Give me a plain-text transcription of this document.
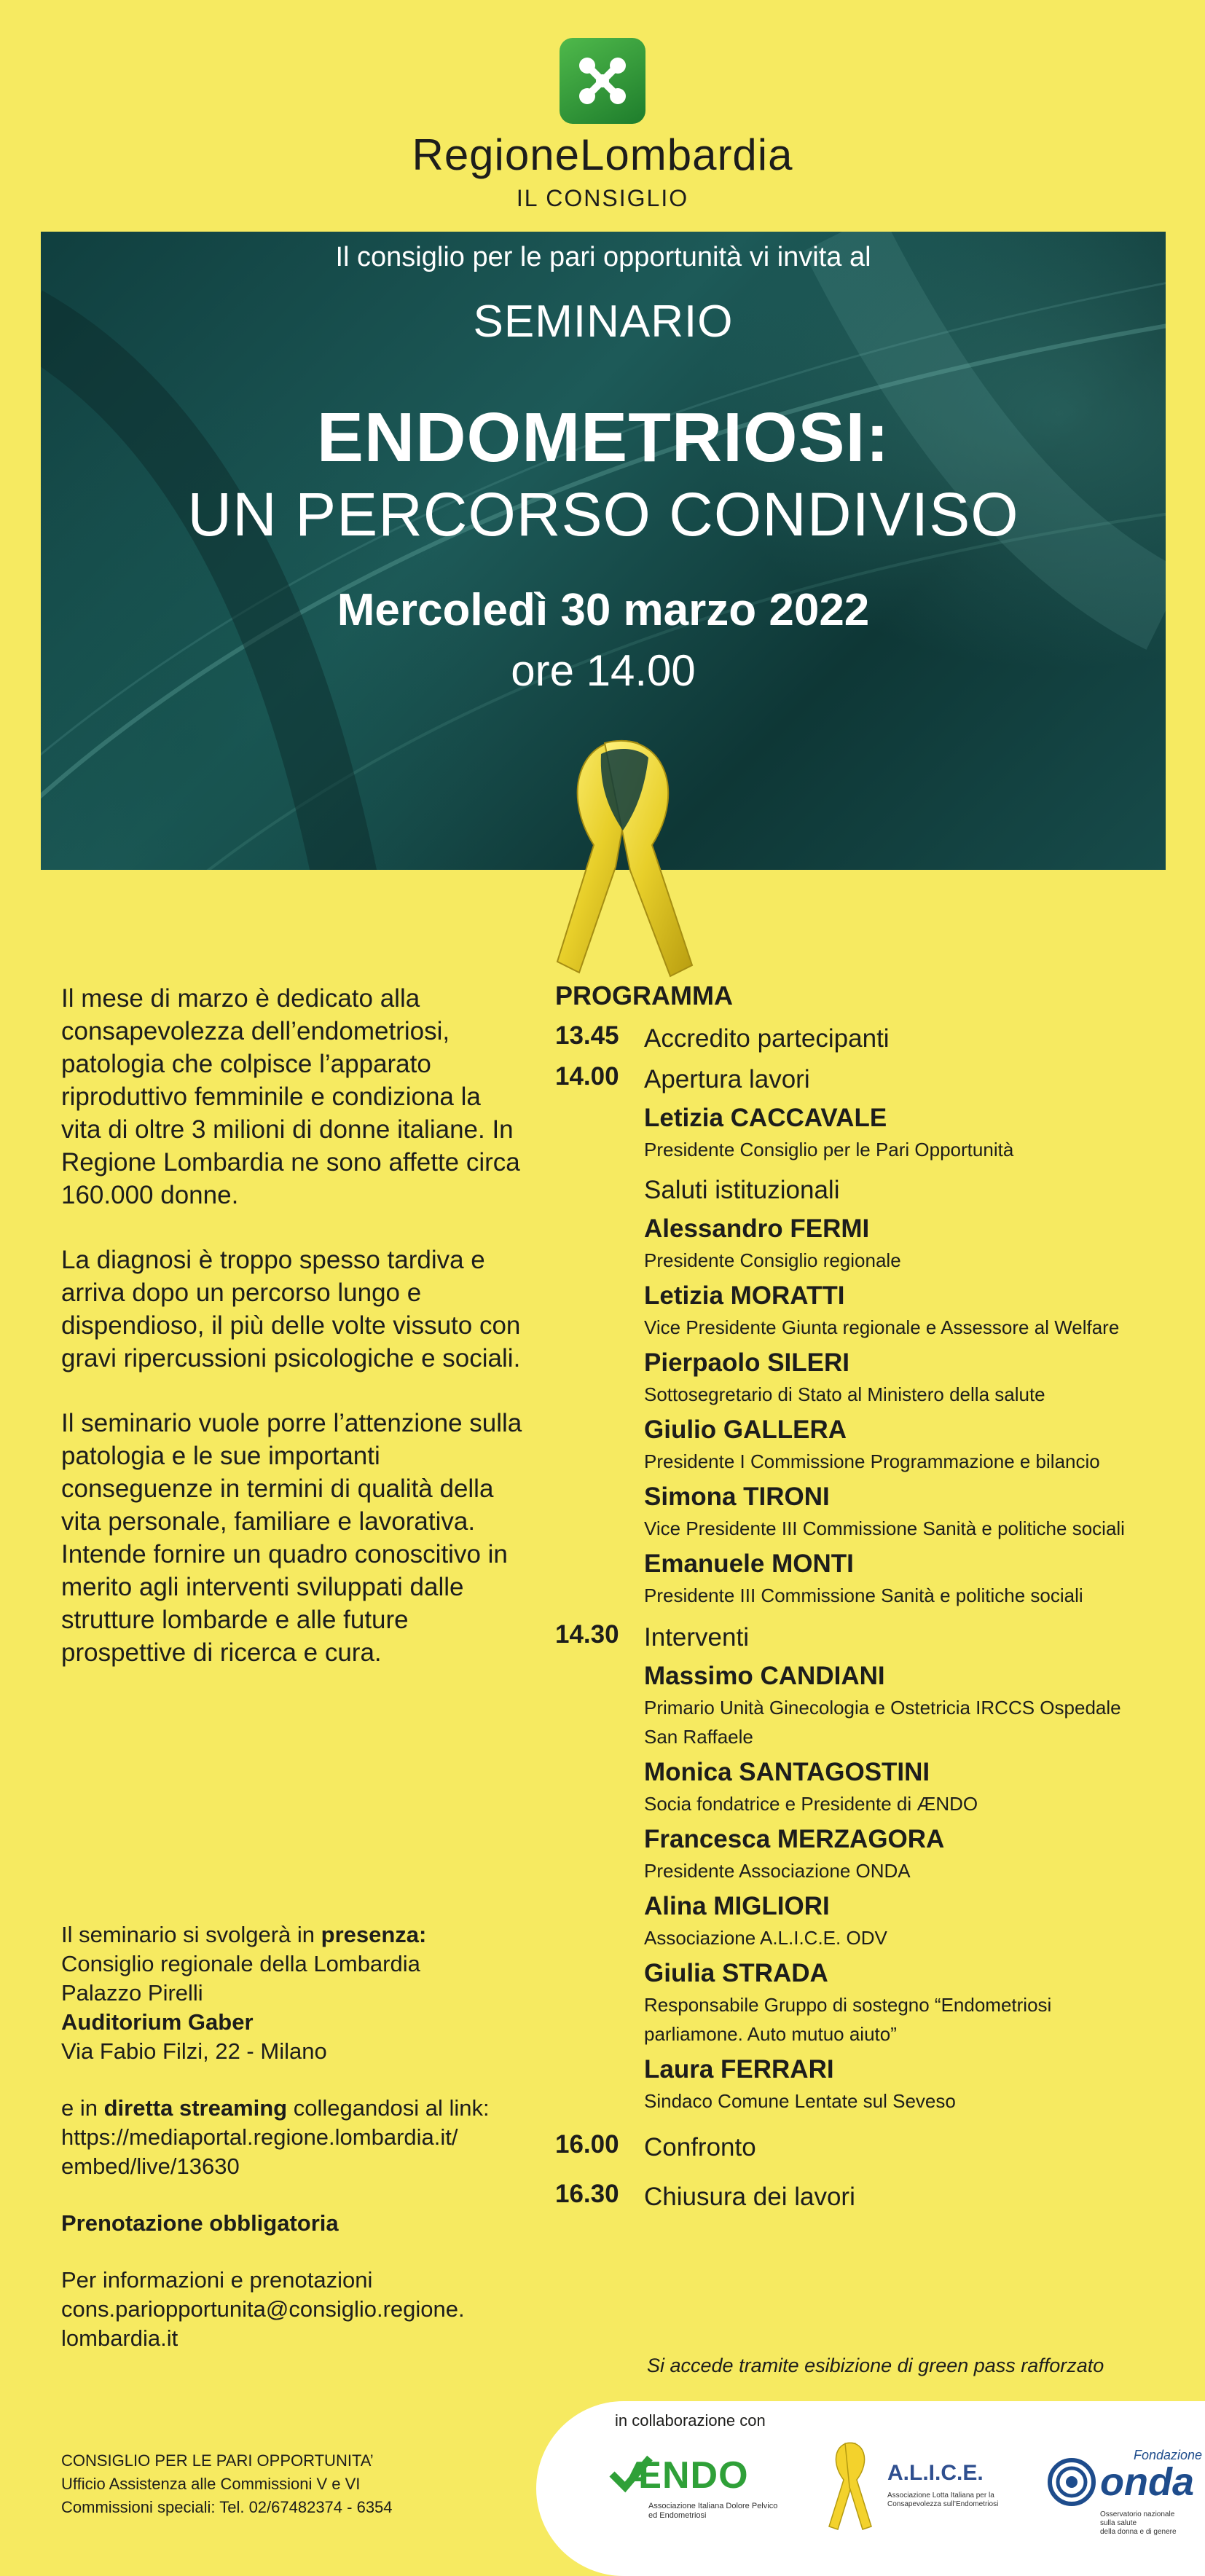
RegioneLombardia
IL CONSIGLIO
Il consiglio per le pari opportunità vi invita al
SEMINARIO
ENDOMETRIOSI:
UN PERCORSO CONDIVISO
Mercoledì 30 marzo 2022
ore 14.00

Il mese di marzo è dedicato alla consapevolezza dell’endometriosi, patologia che colpisce l’apparato riproduttivo femminile e condiziona la vita di oltre 3 milioni di donne italiane. In Regione Lombardia ne sono affette circa 160.000 donne.

La diagnosi è troppo spesso tardiva e arriva dopo un percorso lungo e dispendioso, il più delle volte vissuto con gravi ripercussioni psicologiche e sociali.

Il seminario vuole porre l’attenzione sulla patologia e le sue importanti conseguenze in termini di qualità della vita personale, familiare e lavorativa. Intende fornire un quadro conoscitivo in merito agli interventi sviluppati dalle strutture lombarde e alle future prospettive di ricerca e cura.

Il seminario si svolgerà in presenza:
Consiglio regionale della Lombardia
Palazzo Pirelli
Auditorium Gaber
Via Fabio Filzi, 22 - Milano

e in diretta streaming collegandosi al link:
https://mediaportal.regione.lombardia.it/
embed/live/13630

Prenotazione obbligatoria

Per informazioni e prenotazioni
cons.pariopportunita@consiglio.regione.
lombardia.it

CONSIGLIO PER LE PARI OPPORTUNITA’
Ufficio Assistenza alle Commissioni V e VI
Commissioni speciali: Tel. 02/67482374 - 6354
PROGRAMMA
13.45 Accredito partecipanti
14.00 Apertura lavori
Letizia CACCAVALE
Presidente Consiglio per le Pari Opportunità
Saluti istituzionali
Alessandro FERMI
Presidente Consiglio regionale
Letizia MORATTI
Vice Presidente Giunta regionale e Assessore al Welfare
Pierpaolo SILERI
Sottosegretario di Stato al Ministero della salute
Giulio GALLERA
Presidente I Commissione Programmazione e bilancio
Simona TIRONI
Vice Presidente III Commissione Sanità e politiche sociali
Emanuele MONTI
Presidente III Commissione Sanità e politiche sociali
14.30 Interventi
Massimo CANDIANI
Primario Unità Ginecologia e Ostetricia IRCCS Ospedale
San Raffaele
Monica SANTAGOSTINI
Socia fondatrice e Presidente di ÆNDO
Francesca MERZAGORA
Presidente Associazione ONDA
Alina MIGLIORI
Associazione A.L.I.C.E. ODV
Giulia STRADA
Responsabile Gruppo di sostegno “Endometriosi
parliamone. Auto mutuo aiuto”
Laura FERRARI
Sindaco Comune Lentate sul Seveso
16.00 Confronto
16.30 Chiusura dei lavori
Si accede tramite esibizione di green pass rafforzato
in collaborazione con
ÆNDO
Associazione Italiana Dolore Pelvico
ed Endometriosi
A.L.I.C.E.
Associazione Lotta Italiana per la
Consapevolezza sull’Endometriosi
Fondazione
onda
Osservatorio nazionale sulla salute
della donna e di genere
